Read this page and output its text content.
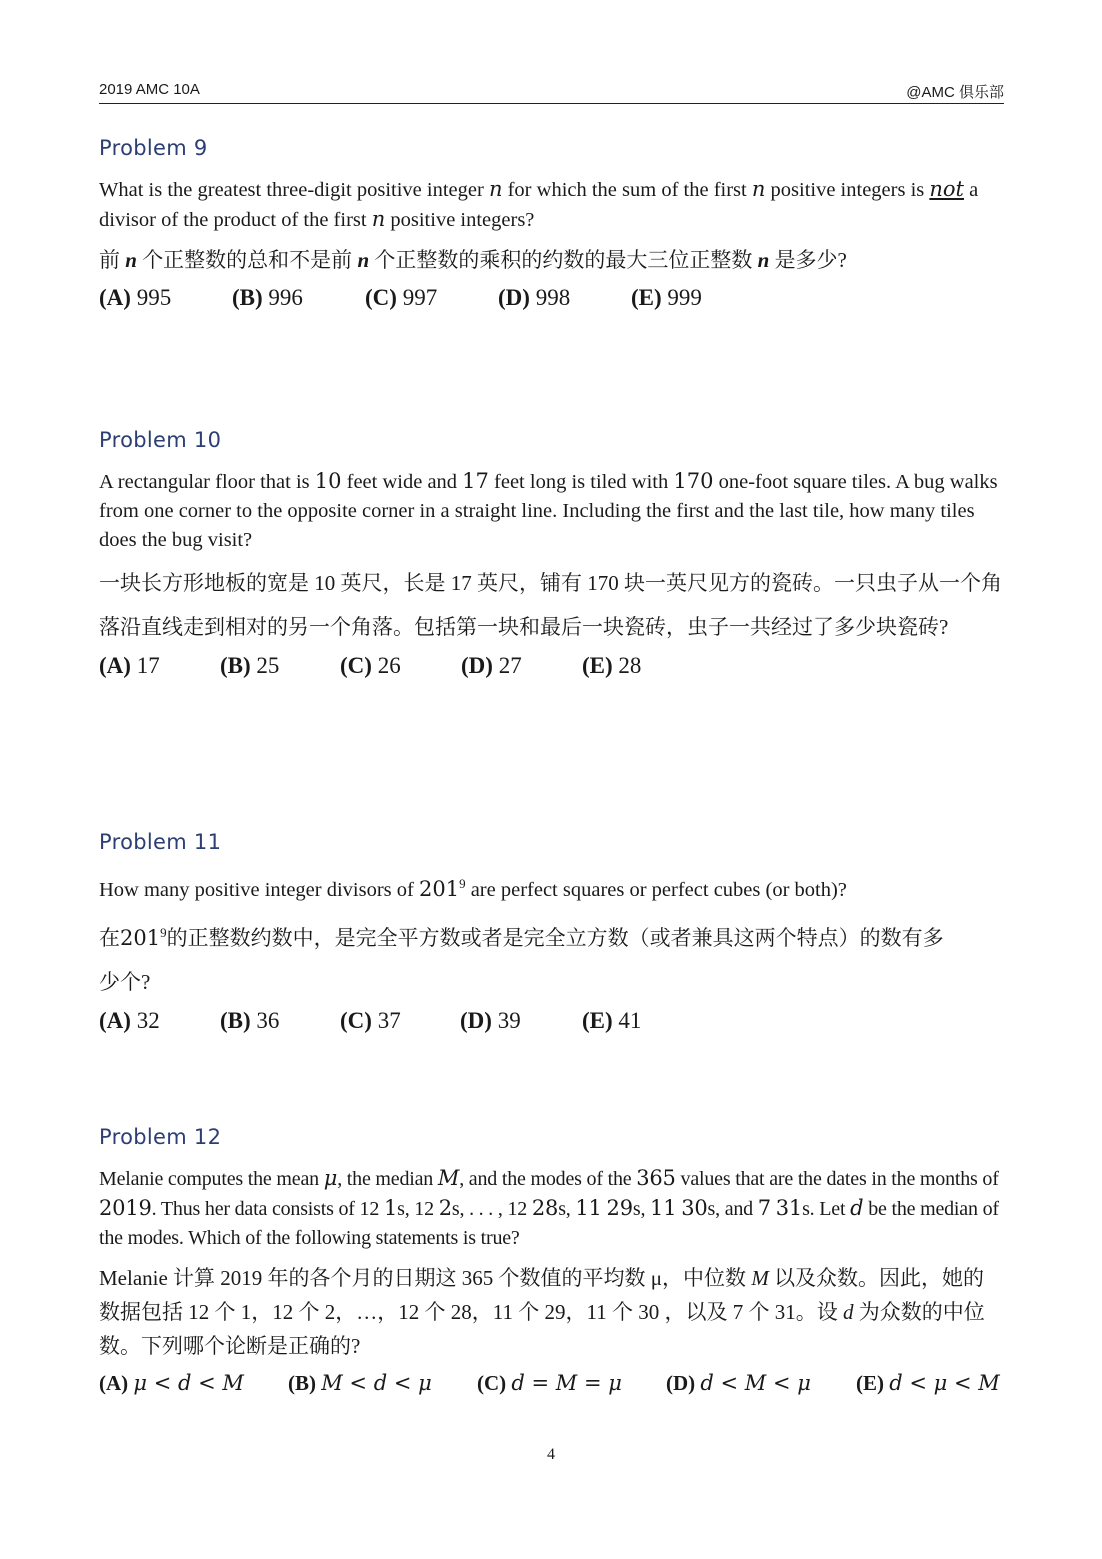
2019 AMC 10A	@AMC 俱乐部
Problem 9
What is the greatest three-digit positive integer n for which the sum of the first n positive integers is not a divisor of the product of the first n positive integers?
前 n 个正整数的总和不是前 n 个正整数的乘积的约数的最大三位正整数 n 是多少?
(A) 995	(B) 996	(C) 997	(D) 998	(E) 999
Problem 10
A rectangular floor that is 10 feet wide and 17 feet long is tiled with 170 one-foot square tiles. A bug walks from one corner to the opposite corner in a straight line. Including the first and the last tile, how many tiles does the bug visit?
一块长方形地板的宽是 10 英尺，长是 17 英尺，铺有 170 块一英尺见方的瓷砖。一只虫子从一个角落沿直线走到相对的另一个角落。包括第一块和最后一块瓷砖，虫子一共经过了多少块瓷砖?
(A) 17	(B) 25	(C) 26	(D) 27	(E) 28
Problem 11
How many positive integer divisors of $201^9$ are perfect squares or perfect cubes (or both)?
在$201^9$的正整数约数中，是完全平方数或者是完全立方数（或者兼具这两个特点）的数有多少个?
(A) 32	(B) 36	(C) 37	(D) 39	(E) 41
Problem 12
Melanie computes the mean μ, the median M, and the modes of the 365 values that are the dates in the months of 2019. Thus her data consists of 12 1s, 12 2s, . . . , 12 28s, 11 29s, 11 30s, and 7 31s. Let d be the median of the modes. Which of the following statements is true?
Melanie 计算 2019 年的各个月的日期这 365 个数值的平均数 μ，中位数 M 以及众数。因此，她的数据包括 12 个 1，12 个 2，…，12 个 28，11 个 29，11 个 30 ，以及 7 个 31。设 d 为众数的中位数。下列哪个论断是正确的?
(A) μ < d < M	(B) M < d < μ	(C) d = M = μ	(D) d < M < μ	(E) d < μ < M
4
